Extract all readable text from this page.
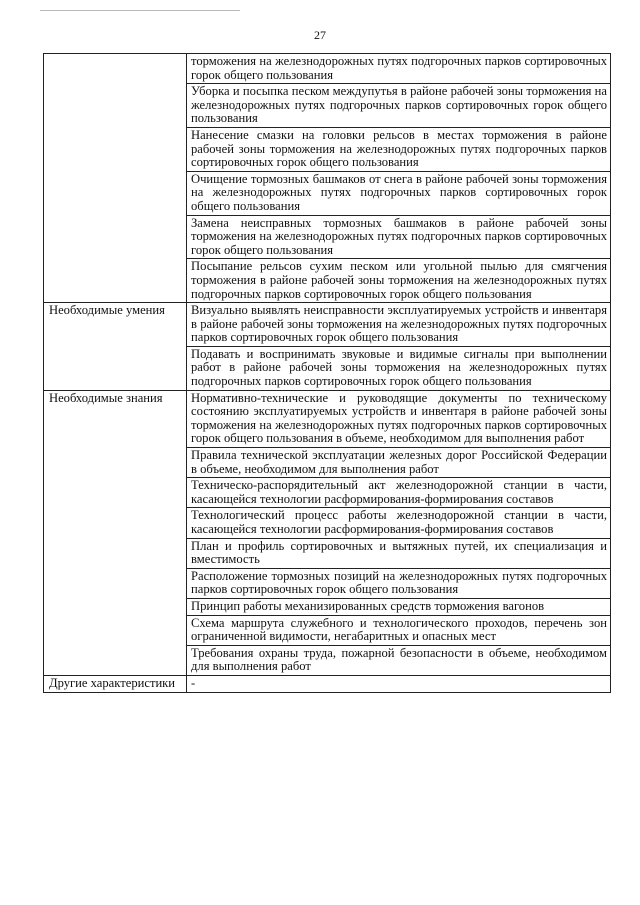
27
	торможения на железнодорожных путях подгорочных парков сортировочных горок общего пользования
	Уборка и посыпка песком междупутья в районе рабочей зоны торможения на железнодорожных путях подгорочных парков сортировочных горок общего пользования
	Нанесение смазки на головки рельсов в местах торможения в районе рабочей зоны торможения на железнодорожных путях подгорочных парков сортировочных горок общего пользования
	Очищение тормозных башмаков от снега в районе рабочей зоны торможения на железнодорожных путях подгорочных парков сортировочных горок общего пользования
	Замена неисправных тормозных башмаков в районе рабочей зоны торможения на железнодорожных путях подгорочных парков сортировочных горок общего пользования
	Посыпание рельсов сухим песком или угольной пылью для смягчения торможения в районе рабочей зоны торможения на железнодорожных путях подгорочных парков сортировочных горок общего пользования
Необходимые умения	Визуально выявлять неисправности эксплуатируемых устройств и инвентаря в районе рабочей зоны торможения на железнодорожных путях подгорочных парков сортировочных горок общего пользования
	Подавать и воспринимать звуковые и видимые сигналы при выполнении работ в районе рабочей зоны торможения на железнодорожных путях подгорочных парков сортировочных горок общего пользования
Необходимые знания	Нормативно-технические и руководящие документы по техническому состоянию эксплуатируемых устройств и инвентаря в районе рабочей зоны торможения на железнодорожных путях подгорочных парков сортировочных горок общего пользования в объеме, необходимом для выполнения работ
	Правила технической эксплуатации железных дорог Российской Федерации в объеме, необходимом для выполнения работ
	Техническо-распорядительный акт железнодорожной станции в части, касающейся технологии расформирования-формирования составов
	Технологический процесс работы железнодорожной станции в части, касающейся технологии расформирования-формирования составов
	План и профиль сортировочных и вытяжных путей, их специализация и вместимость
	Расположение тормозных позиций на железнодорожных путях подгорочных парков сортировочных горок общего пользования
	Принцип работы механизированных средств торможения вагонов
	Схема маршрута служебного и технологического проходов, перечень зон ограниченной видимости, негабаритных и опасных мест
	Требования охраны труда, пожарной безопасности в объеме, необходимом для выполнения работ
Другие характеристики	-
